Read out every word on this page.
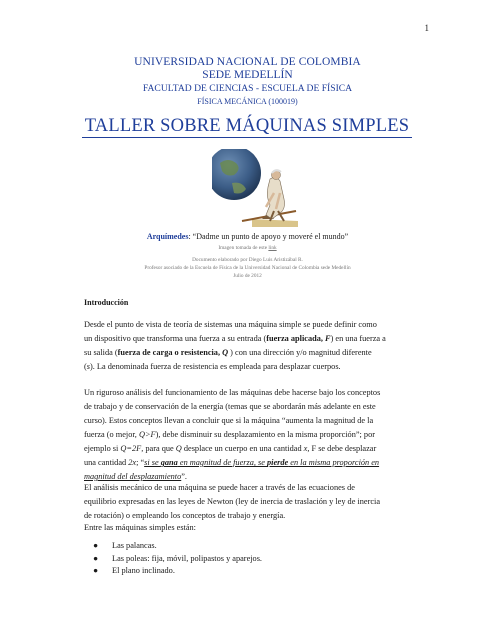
1
UNIVERSIDAD NACIONAL DE COLOMBIA
SEDE MEDELLÍN
FACULTAD DE CIENCIAS - ESCUELA DE FÍSICA
FÍSICA MECÁNICA (100019)
TALLER SOBRE MÁQUINAS SIMPLES
Arquímedes: “Dadme un punto de apoyo y moveré el mundo”
Imagen tomada de este link
Documento elaborado por Diego Luis Aristizábal R.
Profesor asociado de la Escuela de Física de la Universidad Nacional de Colombia sede Medellín
Julio de 2012
Introducción
Desde el punto de vista de teoría de sistemas una máquina simple se puede definir como
un dispositivo que transforma una fuerza a su entrada (fuerza aplicada, F) en una fuerza a
su salida (fuerza de carga o resistencia, Q ) con una dirección y/o magnitud diferente
(s). La denominada fuerza de resistencia es empleada para desplazar cuerpos.
Un riguroso análisis del funcionamiento de las máquinas debe hacerse bajo los conceptos
de trabajo y de conservación de la energía (temas que se abordarán más adelante en este
curso). Estos conceptos llevan a concluir que si la máquina “aumenta la magnitud de la
fuerza (o mejor, Q>F), debe disminuir su desplazamiento en la misma proporción”; por
ejemplo si Q=2F, para que Q desplace un cuerpo en una cantidad x, F se debe desplazar
una cantidad 2x; “si se gana en magnitud de fuerza, se pierde en la misma proporción en
magnitud del desplazamiento”.
El análisis mecánico de una máquina se puede hacer a través de las ecuaciones de
equilibrio expresadas en las leyes de Newton (ley de inercia de traslación y ley de inercia
de rotación) o empleando los conceptos de trabajo y energía.
Entre las máquinas simples están:
● Las palancas.
● Las poleas: fija, móvil, polipastos y aparejos.
● El plano inclinado.
